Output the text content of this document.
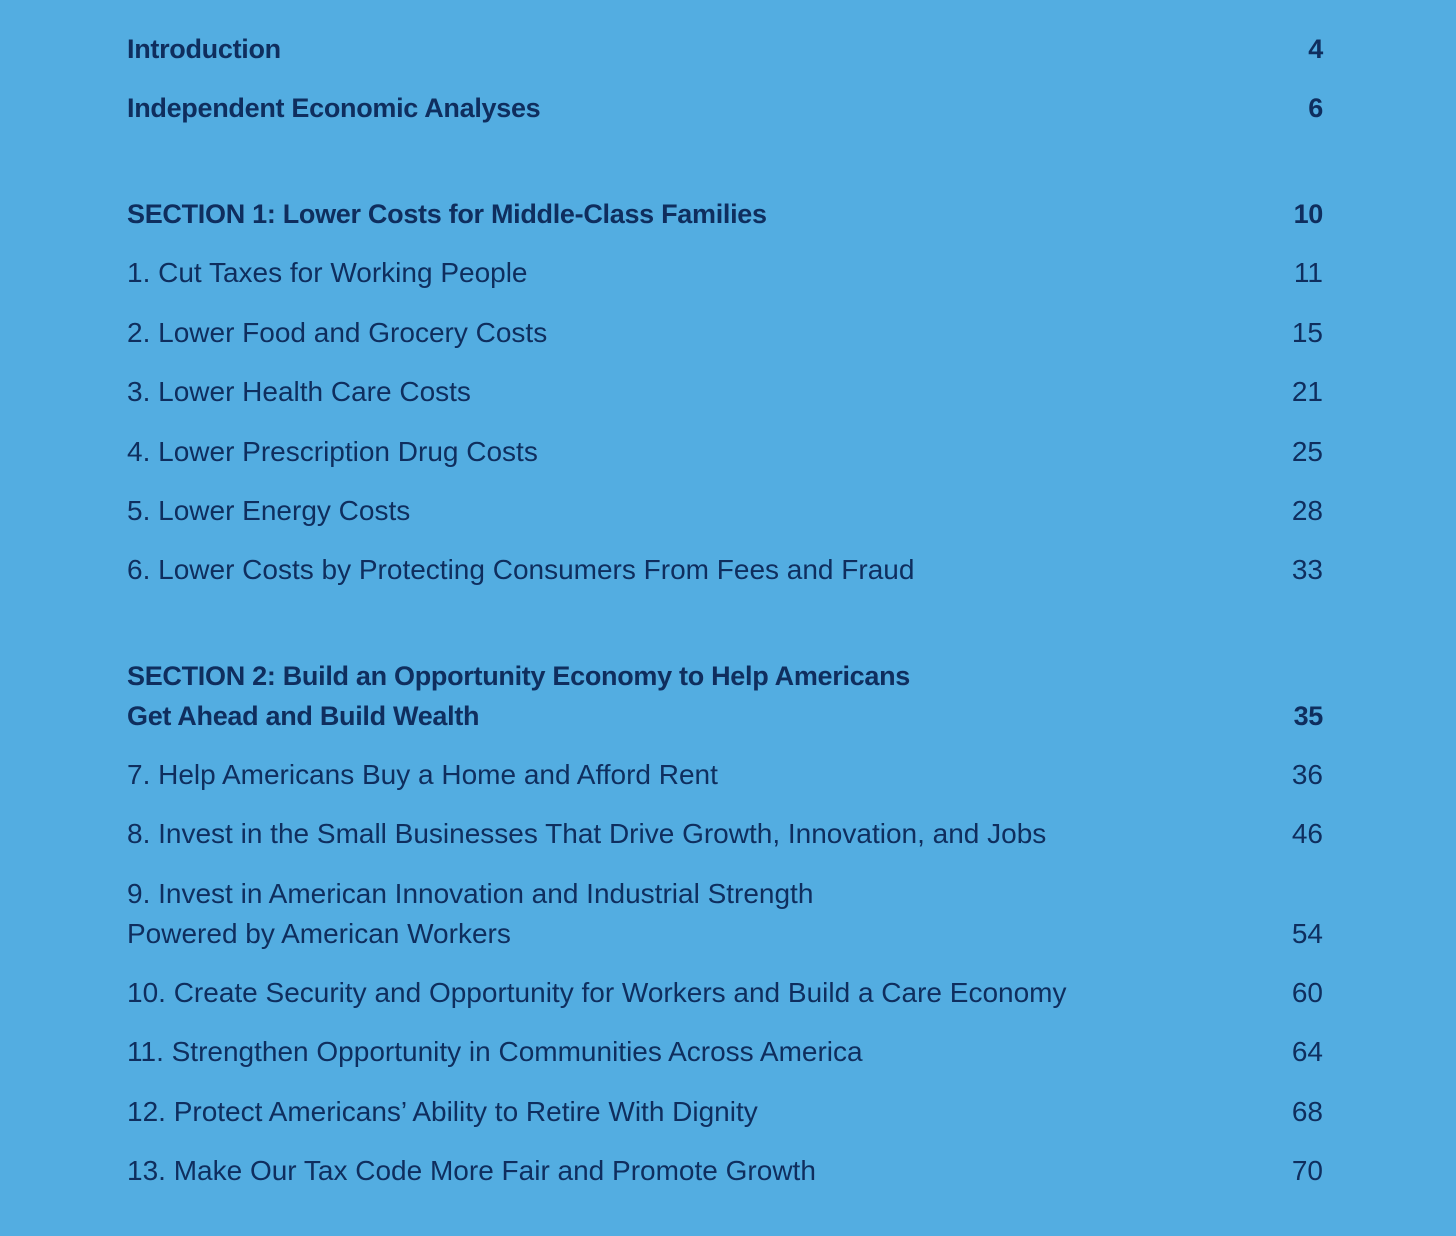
Introduction	4
Independent Economic Analyses	6
SECTION 1: Lower Costs for Middle-Class Families	10
1. Cut Taxes for Working People	11
2. Lower Food and Grocery Costs	15
3. Lower Health Care Costs	21
4. Lower Prescription Drug Costs	25
5. Lower Energy Costs	28
6. Lower Costs by Protecting Consumers From Fees and Fraud	33
SECTION 2: Build an Opportunity Economy to Help Americans
Get Ahead and Build Wealth	35
7. Help Americans Buy a Home and Afford Rent	36
8. Invest in the Small Businesses That Drive Growth, Innovation, and Jobs	46
9. Invest in American Innovation and Industrial Strength
Powered by American Workers	54
10. Create Security and Opportunity for Workers and Build a Care Economy	60
11. Strengthen Opportunity in Communities Across America	64
12. Protect Americans’ Ability to Retire With Dignity	68
13. Make Our Tax Code More Fair and Promote Growth	70
